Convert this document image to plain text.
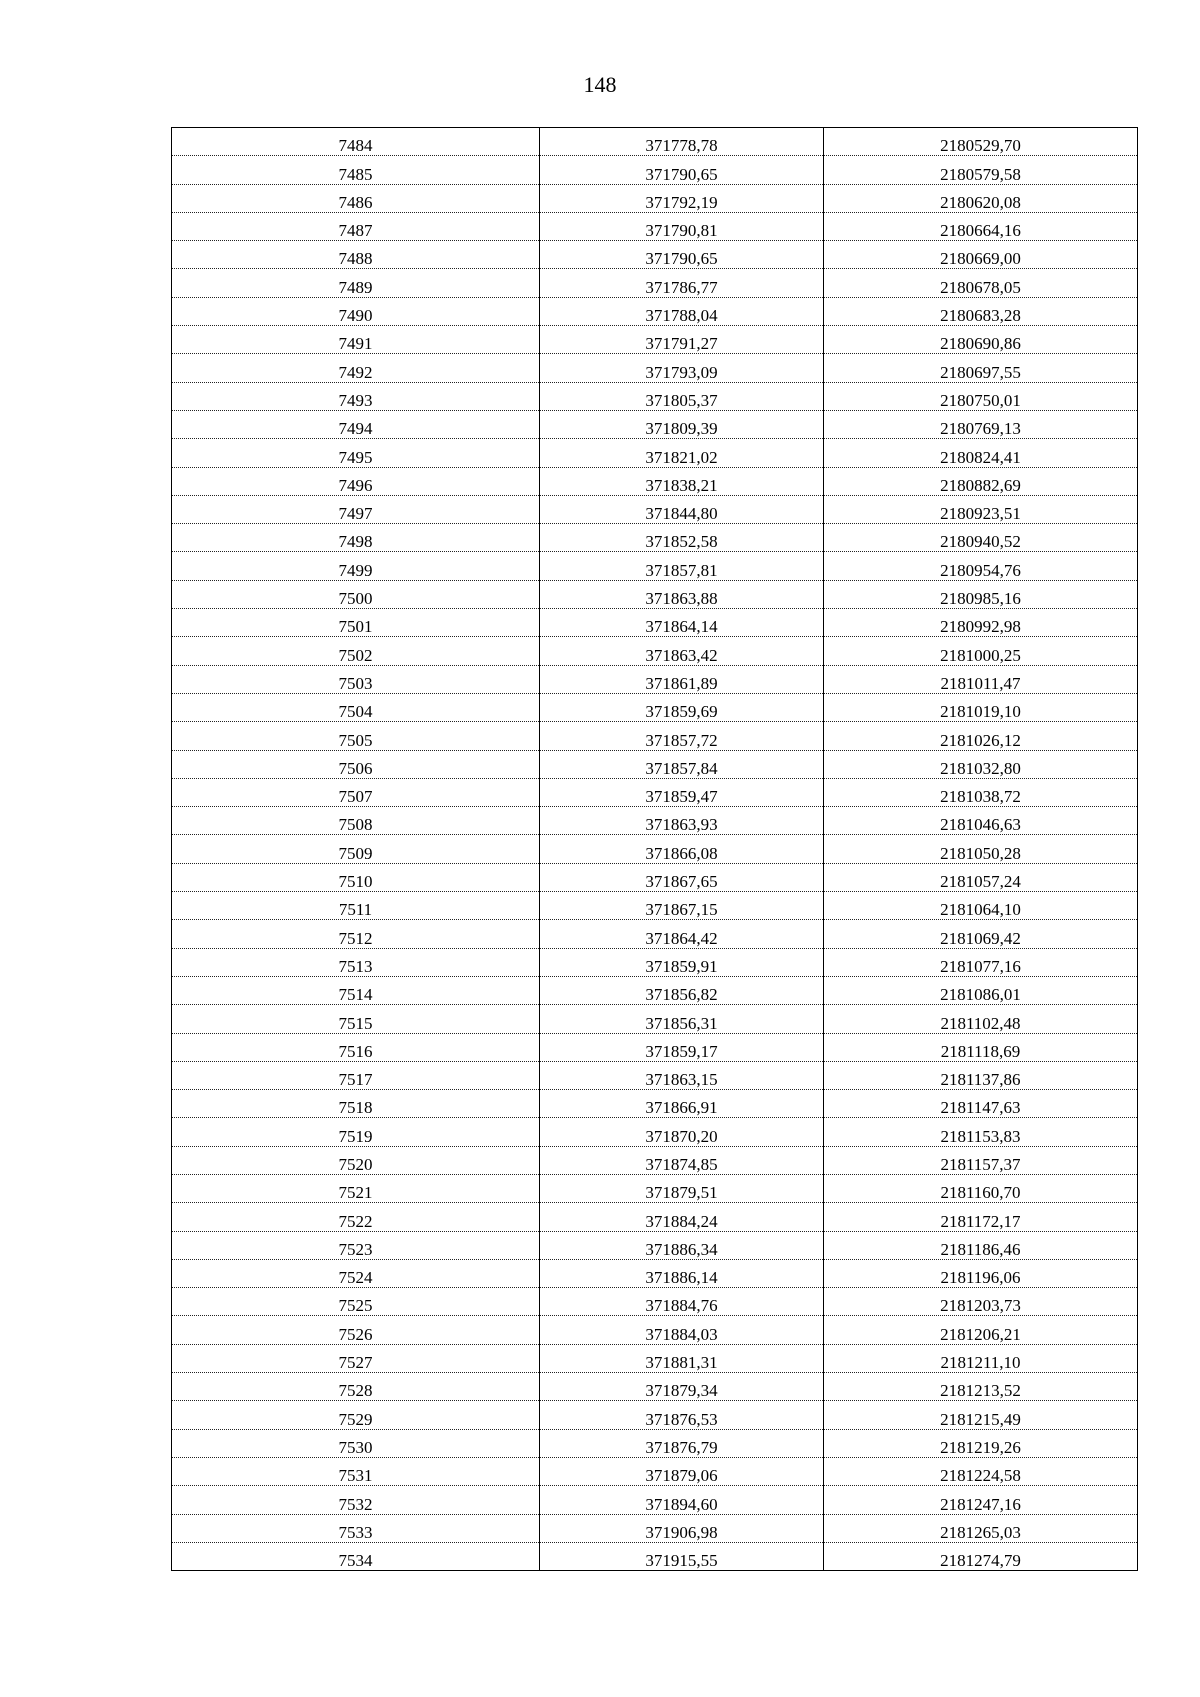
148
7484	371778,78	2180529,70
7485	371790,65	2180579,58
7486	371792,19	2180620,08
7487	371790,81	2180664,16
7488	371790,65	2180669,00
7489	371786,77	2180678,05
7490	371788,04	2180683,28
7491	371791,27	2180690,86
7492	371793,09	2180697,55
7493	371805,37	2180750,01
7494	371809,39	2180769,13
7495	371821,02	2180824,41
7496	371838,21	2180882,69
7497	371844,80	2180923,51
7498	371852,58	2180940,52
7499	371857,81	2180954,76
7500	371863,88	2180985,16
7501	371864,14	2180992,98
7502	371863,42	2181000,25
7503	371861,89	2181011,47
7504	371859,69	2181019,10
7505	371857,72	2181026,12
7506	371857,84	2181032,80
7507	371859,47	2181038,72
7508	371863,93	2181046,63
7509	371866,08	2181050,28
7510	371867,65	2181057,24
7511	371867,15	2181064,10
7512	371864,42	2181069,42
7513	371859,91	2181077,16
7514	371856,82	2181086,01
7515	371856,31	2181102,48
7516	371859,17	2181118,69
7517	371863,15	2181137,86
7518	371866,91	2181147,63
7519	371870,20	2181153,83
7520	371874,85	2181157,37
7521	371879,51	2181160,70
7522	371884,24	2181172,17
7523	371886,34	2181186,46
7524	371886,14	2181196,06
7525	371884,76	2181203,73
7526	371884,03	2181206,21
7527	371881,31	2181211,10
7528	371879,34	2181213,52
7529	371876,53	2181215,49
7530	371876,79	2181219,26
7531	371879,06	2181224,58
7532	371894,60	2181247,16
7533	371906,98	2181265,03
7534	371915,55	2181274,79
